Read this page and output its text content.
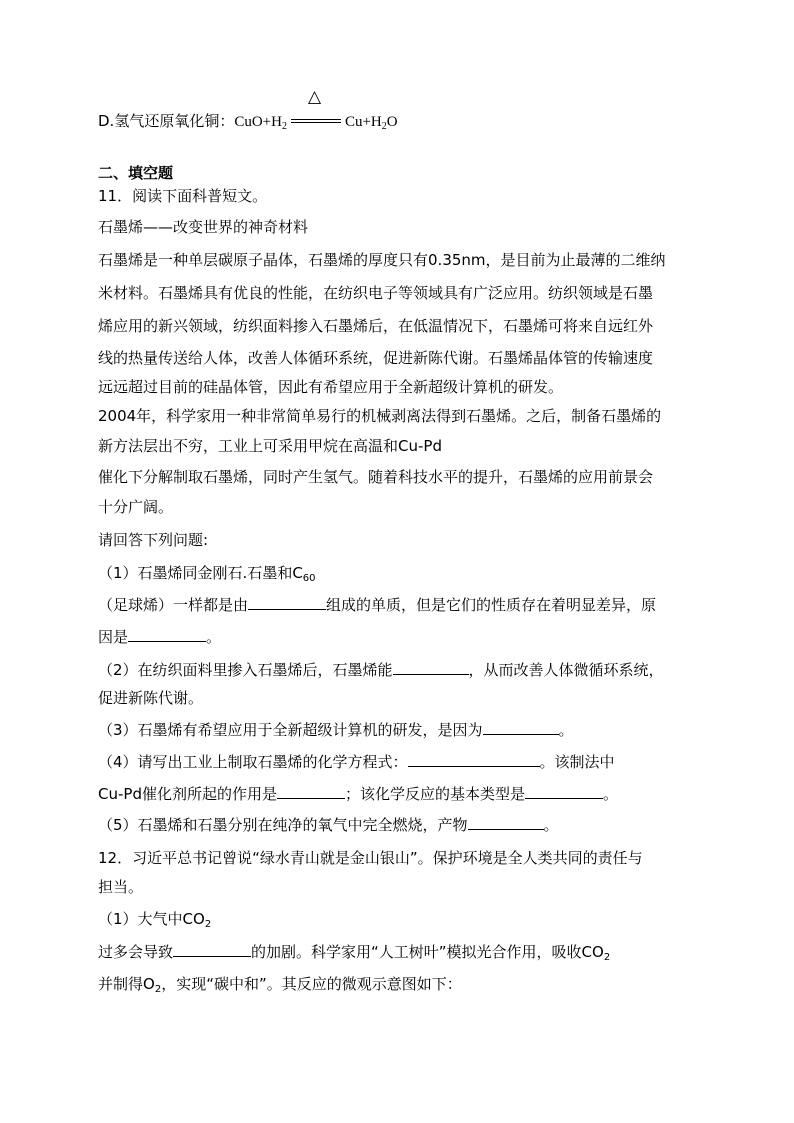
D.氢气还原氧化铜：$CuO+H_2$
△
$Cu+H_2O$
二、填空题
11．阅读下面科普短文。
石墨烯——改变世界的神奇材料
石墨烯是一种单层碳原子晶体，石墨烯的厚度只有0.35nm，是目前为止最薄的二维纳
米材料。石墨烯具有优良的性能，在纺织电子等领域具有广泛应用。纺织领域是石墨
烯应用的新兴领域，纺织面料掺入石墨烯后，在低温情况下，石墨烯可将来自远红外
线的热量传送给人体，改善人体循环系统，促进新陈代谢。石墨烯晶体管的传输速度
远远超过目前的硅晶体管，因此有希望应用于全新超级计算机的研发。
2004年，科学家用一种非常简单易行的机械剥离法得到石墨烯。之后，制备石墨烯的
新方法层出不穷，工业上可采用甲烷在高温和Cu-Pd
催化下分解制取石墨烯，同时产生氢气。随着科技水平的提升，石墨烯的应用前景会
十分广阔。
请回答下列问题:
（1）石墨烯同金刚石.石墨和$C_{60}$
（足球烯）一样都是由	组成的单质，但是它们的性质存在着明显差异，原
因是	。
（2）在纺织面料里掺入石墨烯后，石墨烯能	，从而改善人体微循环系统，
促进新陈代谢。
（3）石墨烯有希望应用于全新超级计算机的研发，是因为	。
（4）请写出工业上制取石墨烯的化学方程式：	。该制法中
Cu-Pd催化剂所起的作用是	；该化学反应的基本类型是	。
（5）石墨烯和石墨分别在纯净的氧气中完全燃烧，产物	。
12．习近平总书记曾说“绿水青山就是金山银山”。保护环境是全人类共同的责任与
担当。
（1）大气中$CO_2$
过多会导致	的加剧。科学家用“人工树叶”模拟光合作用，吸收$CO_2$
并制得$O_2$，实现“碳中和”。其反应的微观示意图如下：
